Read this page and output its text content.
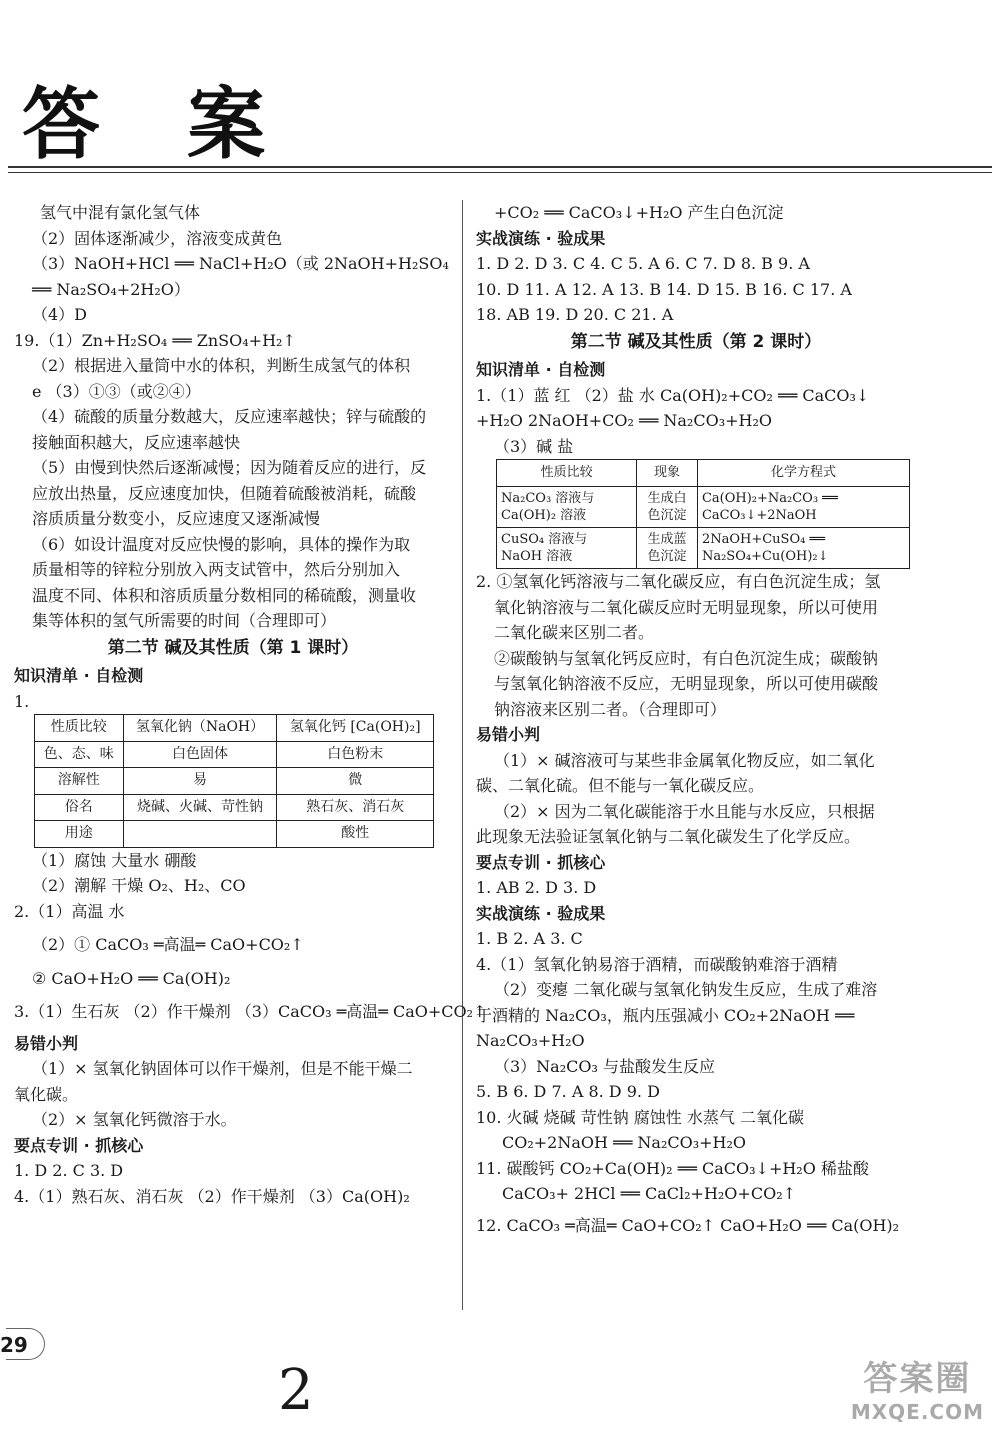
答 案
氢气中混有氯化氢气体
（2）固体逐渐减少，溶液变成黄色
（3）NaOH+HCl ══ NaCl+H₂O（或 2NaOH+H₂SO₄
══ Na₂SO₄+2H₂O）
（4）D
19.（1）Zn+H₂SO₄ ══ ZnSO₄+H₂↑
（2）根据进入量筒中水的体积，判断生成氢气的体积
e （3）①③（或②④）
（4）硫酸的质量分数越大，反应速率越快；锌与硫酸的
接触面积越大，反应速率越快
（5）由慢到快然后逐渐减慢；因为随着反应的进行，反
应放出热量，反应速度加快，但随着硫酸被消耗，硫酸
溶质质量分数变小，反应速度又逐渐减慢
（6）如设计温度对反应快慢的影响，具体的操作为取
质量相等的锌粒分别放入两支试管中，然后分别加入
温度不同、体积和溶质质量分数相同的稀硫酸，测量收
集等体积的氢气所需要的时间（合理即可）
第二节 碱及其性质（第 1 课时）
知识清单 · 自检测
1.
性质比较	氢氧化钠（NaOH）	氢氧化钙 [Ca(OH)₂]
色、态、味	白色固体	白色粉末
溶解性	易	微
俗名	烧碱、火碱、苛性钠	熟石灰、消石灰
用途		酸性
（1）腐蚀 大量水 硼酸
（2）潮解 干燥 O₂、H₂、CO
2.（1）高温 水
（2）① CaCO₃ ═高温═ CaO+CO₂↑
② CaO+H₂O ══ Ca(OH)₂
3.（1）生石灰 （2）作干燥剂 （3）CaCO₃ ═高温═ CaO+CO₂↑
易错小判
（1）× 氢氧化钠固体可以作干燥剂，但是不能干燥二
氧化碳。
（2）× 氢氧化钙微溶于水。
要点专训 · 抓核心
1. D 2. C 3. D
4.（1）熟石灰、消石灰 （2）作干燥剂 （3）Ca(OH)₂
+CO₂ ══ CaCO₃↓+H₂O 产生白色沉淀
实战演练 · 验成果
1. D 2. D 3. C 4. C 5. A 6. C 7. D 8. B 9. A
10. D 11. A 12. A 13. B 14. D 15. B 16. C 17. A
18. AB 19. D 20. C 21. A
第二节 碱及其性质（第 2 课时）
知识清单 · 自检测
1.（1）蓝 红 （2）盐 水 Ca(OH)₂+CO₂ ══ CaCO₃↓
+H₂O 2NaOH+CO₂ ══ Na₂CO₃+H₂O
（3）碱 盐
性质比较	现象	化学方程式
Na₂CO₃ 溶液与 Ca(OH)₂ 溶液	生成白色沉淀	Ca(OH)₂+Na₂CO₃ ══ CaCO₃↓+2NaOH
CuSO₄ 溶液与 NaOH 溶液	生成蓝色沉淀	2NaOH+CuSO₄ ══ Na₂SO₄+Cu(OH)₂↓
2. ①氢氧化钙溶液与二氧化碳反应，有白色沉淀生成；氢
氧化钠溶液与二氧化碳反应时无明显现象，所以可使用
二氧化碳来区别二者。
②碳酸钠与氢氧化钙反应时，有白色沉淀生成；碳酸钠
与氢氧化钠溶液不反应，无明显现象，所以可使用碳酸
钠溶液来区别二者。（合理即可）
易错小判
（1）× 碱溶液可与某些非金属氧化物反应，如二氧化
碳、二氧化硫。但不能与一氧化碳反应。
（2）× 因为二氧化碳能溶于水且能与水反应，只根据
此现象无法验证氢氧化钠与二氧化碳发生了化学反应。
要点专训 · 抓核心
1. AB 2. D 3. D
实战演练 · 验成果
1. B 2. A 3. C
4.（1）氢氧化钠易溶于酒精，而碳酸钠难溶于酒精
（2）变瘪 二氧化碳与氢氧化钠发生反应，生成了难溶
于酒精的 Na₂CO₃，瓶内压强减小 CO₂+2NaOH ══
Na₂CO₃+H₂O
（3）Na₂CO₃ 与盐酸发生反应
5. B 6. D 7. A 8. D 9. D
10. 火碱 烧碱 苛性钠 腐蚀性 水蒸气 二氧化碳
CO₂+2NaOH ══ Na₂CO₃+H₂O
11. 碳酸钙 CO₂+Ca(OH)₂ ══ CaCO₃↓+H₂O 稀盐酸
CaCO₃+ 2HCl ══ CaCl₂+H₂O+CO₂↑
12. CaCO₃ ═高温═ CaO+CO₂↑ CaO+H₂O ══ Ca(OH)₂
29
2	答案圈
MXQE.COM
